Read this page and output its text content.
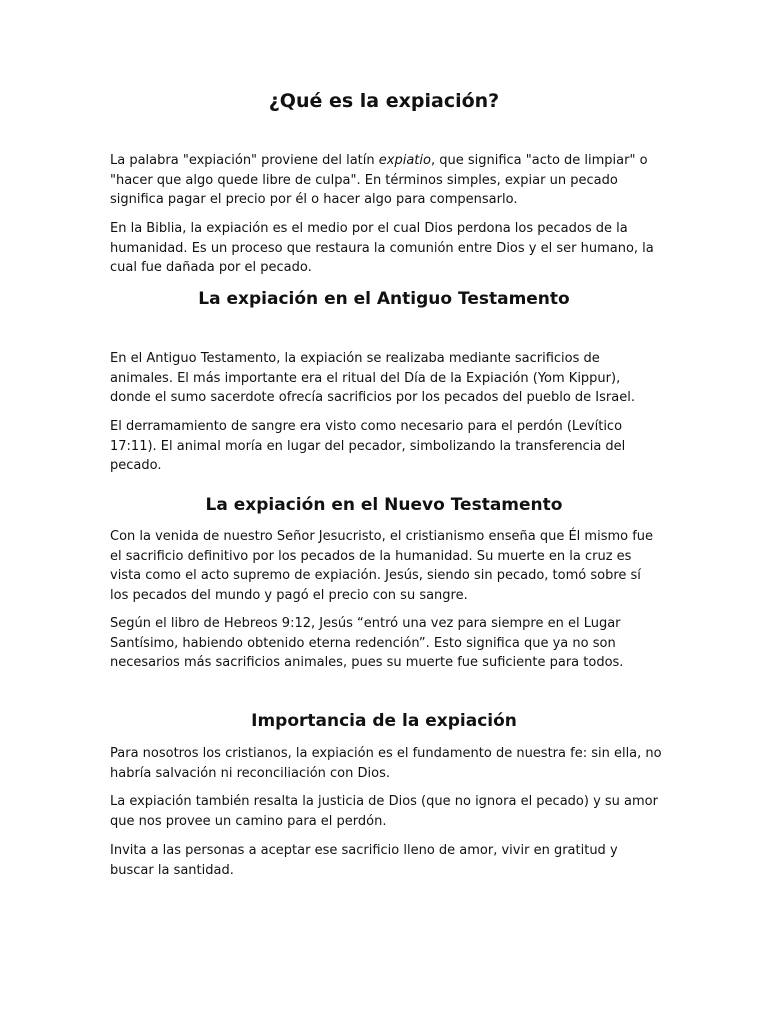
¿Qué es la expiación?

La palabra "expiación" proviene del latín expiatio, que significa "acto de limpiar" o "hacer que algo quede libre de culpa". En términos simples, expiar un pecado significa pagar el precio por él o hacer algo para compensarlo.

En la Biblia, la expiación es el medio por el cual Dios perdona los pecados de la humanidad. Es un proceso que restaura la comunión entre Dios y el ser humano, la cual fue dañada por el pecado.

La expiación en el Antiguo Testamento

En el Antiguo Testamento, la expiación se realizaba mediante sacrificios de animales. El más importante era el ritual del Día de la Expiación (Yom Kippur), donde el sumo sacerdote ofrecía sacrificios por los pecados del pueblo de Israel.

El derramamiento de sangre era visto como necesario para el perdón (Levítico 17:11). El animal moría en lugar del pecador, simbolizando la transferencia del pecado.

La expiación en el Nuevo Testamento

Con la venida de nuestro Señor Jesucristo, el cristianismo enseña que Él mismo fue el sacrificio definitivo por los pecados de la humanidad. Su muerte en la cruz es vista como el acto supremo de expiación. Jesús, siendo sin pecado, tomó sobre sí los pecados del mundo y pagó el precio con su sangre.

Según el libro de Hebreos 9:12, Jesús “entró una vez para siempre en el Lugar Santísimo, habiendo obtenido eterna redención”. Esto significa que ya no son necesarios más sacrificios animales, pues su muerte fue suficiente para todos.

Importancia de la expiación

Para nosotros los cristianos, la expiación es el fundamento de nuestra fe: sin ella, no habría salvación ni reconciliación con Dios.

La expiación también resalta la justicia de Dios (que no ignora el pecado) y su amor que nos provee un camino para el perdón.

Invita a las personas a aceptar ese sacrificio lleno de amor, vivir en gratitud y buscar la santidad.
